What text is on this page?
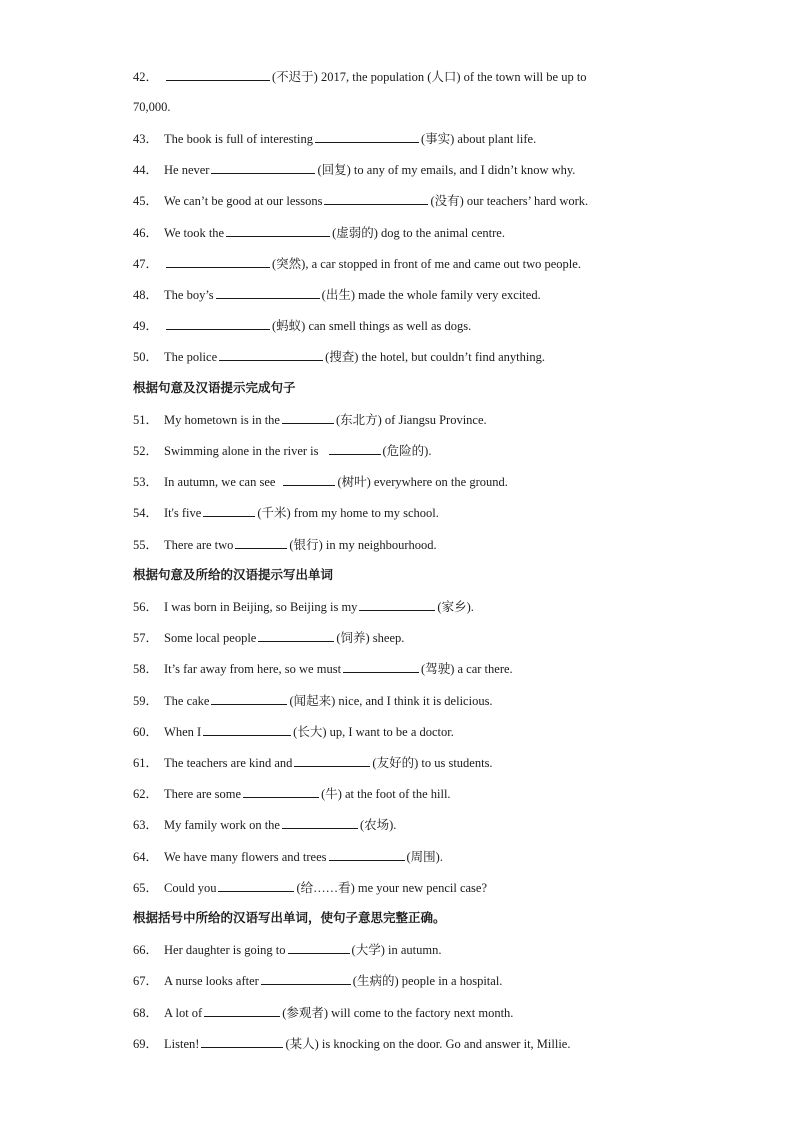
42．	(不迟于) 2017, the population (人口) of the town will be up to
70,000.
43． The book is full of interesting	(事实) about plant life.
44． He never	(回复) to any of my emails, and I didn’t know why.
45． We can’t be good at our lessons	(没有) our teachers’ hard work.
46． We took the	(虚弱的) dog to the animal centre.
47．	(突然), a car stopped in front of me and came out two people.
48． The boy’s	(出生) made the whole family very excited.
49．	(蚂蚁) can smell things as well as dogs.
50． The police	(搜查) the hotel, but couldn’t find anything.
根据句意及汉语提示完成句子
51． My hometown is in the	(东北方) of Jiangsu Province.
52． Swimming alone in the river is	(危险的).
53． In autumn, we can see	(树叶) everywhere on the ground.
54． It's five	(千米) from my home to my school.
55． There are two	(银行) in my neighbourhood.
根据句意及所给的汉语提示写出单词
56． I was born in Beijing, so Beijing is my	(家乡).
57． Some local people	(饲养) sheep.
58． It’s far away from here, so we must	(驾驶) a car there.
59． The cake	(闻起来) nice, and I think it is delicious.
60． When I	(长大) up, I want to be a doctor.
61． The teachers are kind and	(友好的) to us students.
62． There are some	(牛) at the foot of the hill.
63． My family work on the	(农场).
64． We have many flowers and trees	(周围).
65． Could you	(给……看) me your new pencil case?
根据括号中所给的汉语写出单词，使句子意思完整正确。
66． Her daughter is going to	(大学) in autumn.
67． A nurse looks after	(生病的) people in a hospital.
68． A lot of	(参观者) will come to the factory next month.
69． Listen!	(某人) is knocking on the door. Go and answer it, Millie.
